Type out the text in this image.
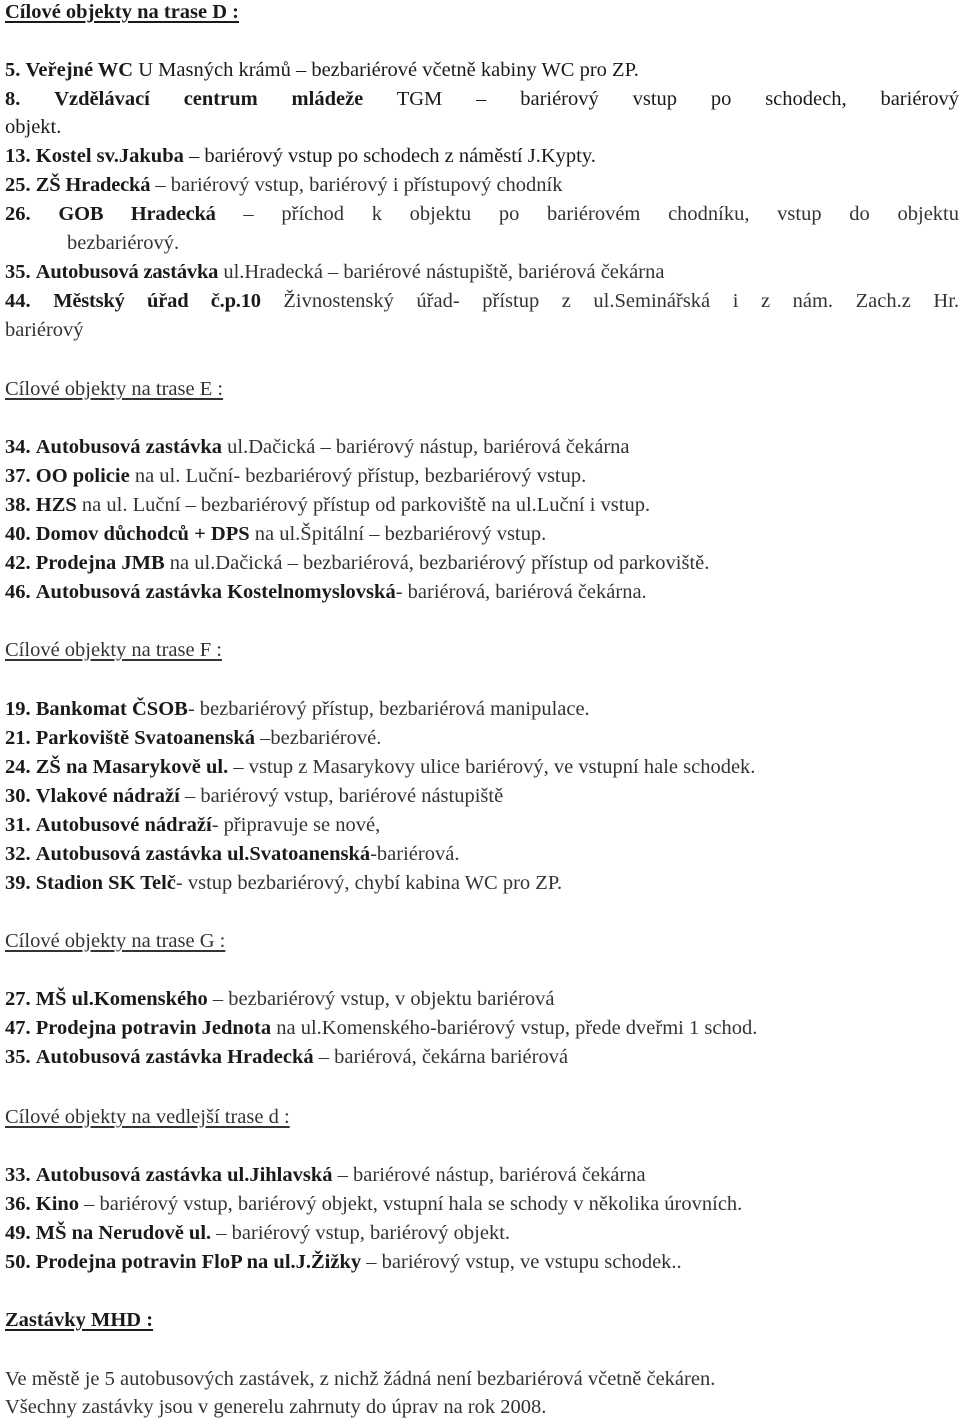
Cílové objekty na trase D :
5. Veřejné WC U Masných krámů – bezbariérové včetně kabiny WC pro ZP.
8. Vzdělávací centrum mládeže TGM – bariérový vstup po schodech, bariérový
objekt.
13. Kostel sv.Jakuba – bariérový vstup po schodech z náměstí J.Kypty.
25. ZŠ Hradecká – bariérový vstup, bariérový i přístupový chodník
26. GOB Hradecká – příchod k objektu po bariérovém chodníku, vstup do objektu
bezbariérový.
35. Autobusová zastávka ul.Hradecká – bariérové nástupiště, bariérová čekárna
44. Městský úřad č.p.10 Živnostenský úřad- přístup z ul.Seminářská i z nám. Zach.z Hr.
bariérový
Cílové objekty na trase E :
34. Autobusová zastávka ul.Dačická – bariérový nástup, bariérová čekárna
37. OO policie na ul. Luční- bezbariérový přístup, bezbariérový vstup.
38. HZS na ul. Luční – bezbariérový přístup od parkoviště na ul.Luční i vstup.
40. Domov důchodců + DPS na ul.Špitální – bezbariérový vstup.
42. Prodejna JMB na ul.Dačická – bezbariérová, bezbariérový přístup od parkoviště.
46. Autobusová zastávka Kostelnomyslovská- bariérová, bariérová čekárna.
Cílové objekty na trase F :
19. Bankomat ČSOB- bezbariérový přístup, bezbariérová manipulace.
21. Parkoviště Svatoanenská –bezbariérové.
24. ZŠ na Masarykově ul. – vstup z Masarykovy ulice bariérový, ve vstupní hale schodek.
30. Vlakové nádraží – bariérový vstup, bariérové nástupiště
31. Autobusové nádraží- připravuje se nové,
32. Autobusová zastávka ul.Svatoanenská-bariérová.
39. Stadion SK Telč- vstup bezbariérový, chybí kabina WC pro ZP.
Cílové objekty na trase G :
27. MŠ ul.Komenského – bezbariérový vstup, v objektu bariérová
47. Prodejna potravin Jednota na ul.Komenského-bariérový vstup, přede dveřmi 1 schod.
35. Autobusová zastávka Hradecká – bariérová, čekárna bariérová
Cílové objekty na vedlejší trase d :
33. Autobusová zastávka ul.Jihlavská – bariérové nástup, bariérová čekárna
36. Kino – bariérový vstup, bariérový objekt, vstupní hala se schody v několika úrovních.
49. MŠ na Nerudově ul. – bariérový vstup, bariérový objekt.
50. Prodejna potravin FloP na ul.J.Žižky – bariérový vstup, ve vstupu schodek..
Zastávky MHD :
Ve městě je 5 autobusových zastávek, z nichž žádná není bezbariérová včetně čekáren.
Všechny zastávky jsou v generelu zahrnuty do úprav na rok 2008.
